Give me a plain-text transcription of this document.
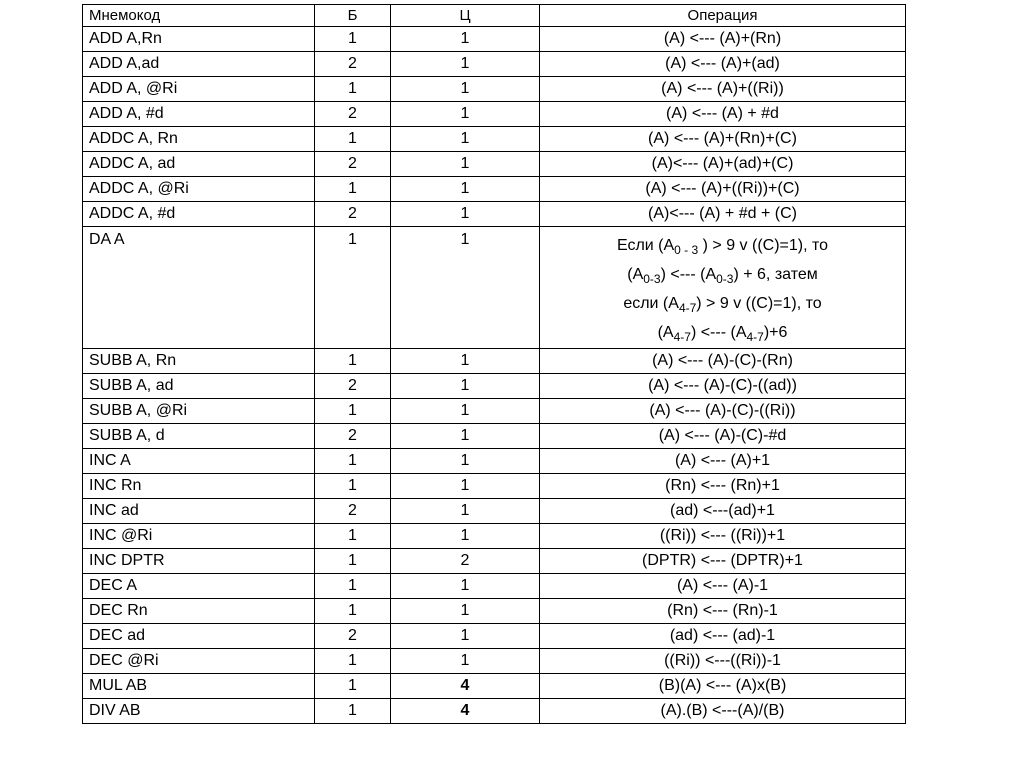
Мнемокод	Б	Ц	Операция
ADD A,Rn	1	1	(A) <--- (A)+(Rn)
ADD A,ad	2	1	(A) <--- (A)+(ad)
ADD A, @Ri	1	1	(A) <--- (A)+((Ri))
ADD A, #d	2	1	(A) <--- (A) + #d
ADDC A, Rn	1	1	(A) <--- (A)+(Rn)+(C)
ADDC A, ad	2	1	(A)<--- (A)+(ad)+(C)
ADDC A, @Ri	1	1	(A) <--- (A)+((Ri))+(C)
ADDC A, #d	2	1	(A)<--- (A) + #d + (C)
DA A	1	1	Если ($A_{0 - 3}$ ) > 9 v ((C)=1), то
$(A_{0-3})$ <--- $(A_{0-3}) + 6$, затем
если $(A_{4-7}) > 9$ v ((C)=1), то
$(A_{4-7})$ <--- $(A_{4-7})+6$

SUBB A, Rn	1	1	(A) <--- (A)-(C)-(Rn)
SUBB A, ad	2	1	(A) <--- (A)-(C)-((ad))
SUBB A, @Ri	1	1	(A) <--- (A)-(C)-((Ri))
SUBB A, d	2	1	(A) <--- (A)-(C)-#d
INC A	1	1	(A) <--- (A)+1
INC Rn	1	1	(Rn) <--- (Rn)+1
INC ad	2	1	(ad) <---(ad)+1
INC @Ri	1	1	((Ri)) <--- ((Ri))+1
INC DPTR	1	2	(DPTR) <--- (DPTR)+1
DEC A	1	1	(A) <--- (A)-1
DEC Rn	1	1	(Rn) <--- (Rn)-1
DEC ad	2	1	(ad) <--- (ad)-1
DEC @Ri	1	1	((Ri)) <---((Ri))-1
MUL AB	1	4	(B)(A) <--- (A)x(B)
DIV AB	1	4	(A).(B) <---(A)/(B)
